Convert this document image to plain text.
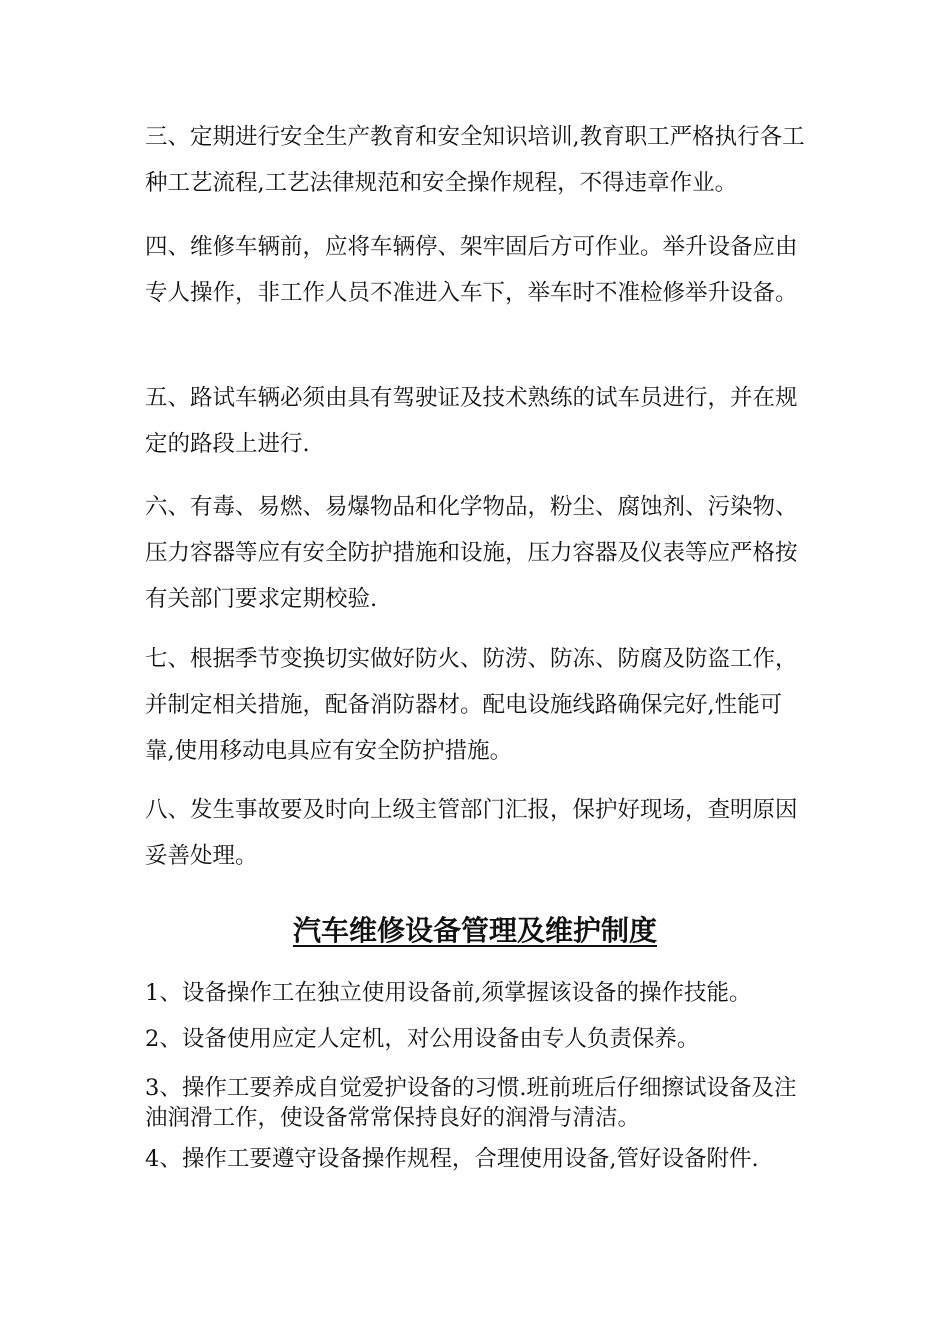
三、定期进行安全生产教育和安全知识培训,教育职工严格执行各工种工艺流程,工艺法律规范和安全操作规程，不得违章作业。

四、维修车辆前，应将车辆停、架牢固后方可作业。举升设备应由专人操作，非工作人员不准进入车下，举车时不准检修举升设备。

五、路试车辆必须由具有驾驶证及技术熟练的试车员进行，并在规定的路段上进行.

六、有毒、易燃、易爆物品和化学物品，粉尘、腐蚀剂、污染物、压力容器等应有安全防护措施和设施，压力容器及仪表等应严格按有关部门要求定期校验.

七、根据季节变换切实做好防火、防涝、防冻、防腐及防盗工作，并制定相关措施，配备消防器材。配电设施线路确保完好,性能可靠,使用移动电具应有安全防护措施。

八、发生事故要及时向上级主管部门汇报，保护好现场，查明原因妥善处理。

汽车维修设备管理及维护制度

1、设备操作工在独立使用设备前,须掌握该设备的操作技能。

2、设备使用应定人定机，对公用设备由专人负责保养。

3、操作工要养成自觉爱护设备的习惯.班前班后仔细擦试设备及注油润滑工作，使设备常常保持良好的润滑与清洁。

4、操作工要遵守设备操作规程，合理使用设备,管好设备附件.
